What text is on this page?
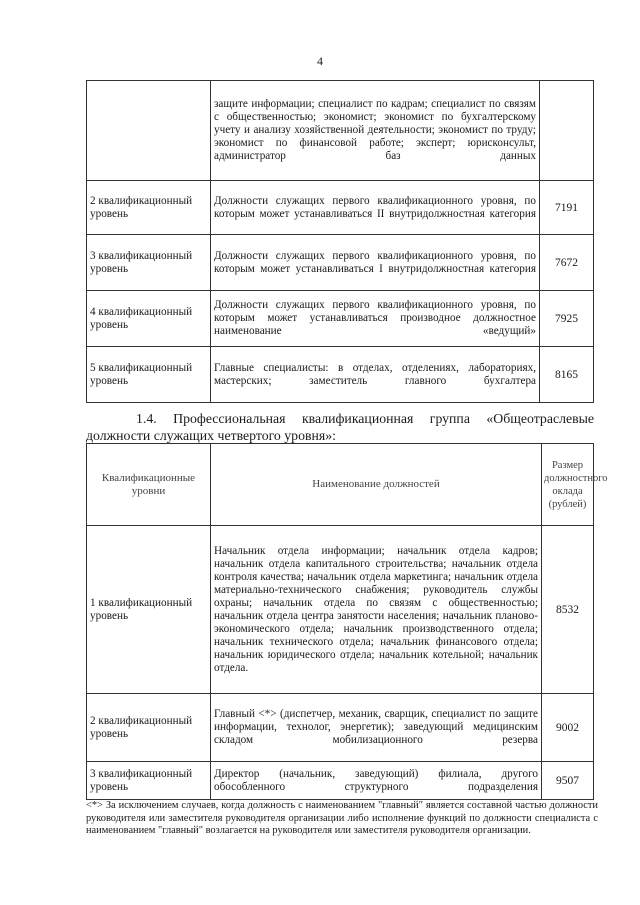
4
	защите информации; специалист по кадрам; специалист по связям с общественностью; экономист; экономист по бухгалтерскому учету и анализу хозяйственной деятельности; экономист по труду; экономист по финансовой работе; эксперт; юрисконсульт, администратор баз данных	
2 квалификационный уровень	Должности служащих первого квалификационного уровня, по которым может устанавливаться II внутридолжностная категория	7191
3 квалификационный уровень	Должности служащих первого квалификационного уровня, по которым может устанавливаться I внутридолжностная категория	7672
4 квалификационный уровень	Должности служащих первого квалификационного уровня, по которым может устанавливаться производное должностное наименование «ведущий»	7925
5 квалификационный уровень	Главные специалисты: в отделах, отделениях, лабораториях, мастерских; заместитель главного бухгалтера	8165
1.4. Профессиональная квалификационная группа «Общеотраслевые должности служащих четвертого уровня»:
Квалификационные уровни	Наименование должностей	Размер должностного оклада (рублей)
1 квалификационный уровень	Начальник отдела информации; начальник отдела кадров; начальник отдела капитального строительства; начальник отдела контроля качества; начальник отдела маркетинга; начальник отдела материально-технического снабжения; руководитель службы охраны; начальник отдела по связям с общественностью; начальник отдела центра занятости населения; начальник планово-экономического отдела; начальник производственного отдела; начальник технического отдела; начальник финансового отдела; начальник юридического отдела; начальник котельной; начальник отдела.	8532
2 квалификационный уровень	Главный <*> (диспетчер, механик, сварщик, специалист по защите информации, технолог, энергетик); заведующий медицинским складом мобилизационного резерва	9002
3 квалификационный уровень	Директор (начальник, заведующий) филиала, другого обособленного структурного подразделения	9507
<*> За исключением случаев, когда должность с наименованием "главный" является составной частью должности руководителя или заместителя руководителя организации либо исполнение функций по должности специалиста с наименованием "главный" возлагается на руководителя или заместителя руководителя организации.
